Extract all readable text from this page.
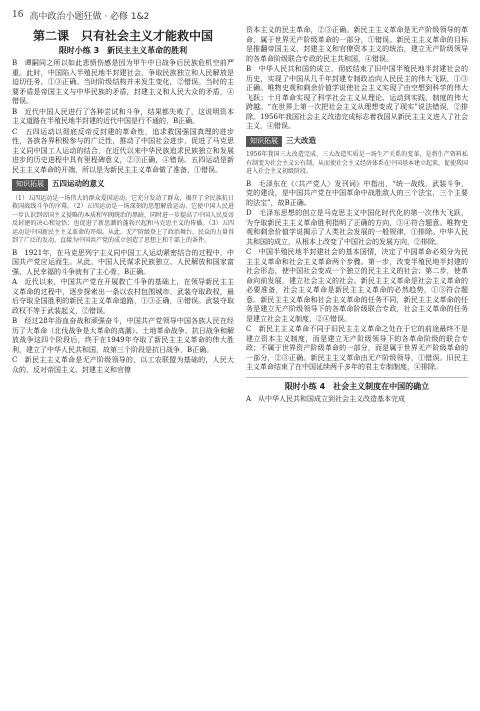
16 高中政治小题狂做 · 必修 1&2
第二课　只有社会主义才能救中国
限时小练 3　新民主主义革命的胜利

B　谭嗣同之所以如此悲愤伤感是因为甲午中日战争后民族危机空前严重。此时，中国陷入半殖民地半封建社会，争取民族独立和人民解放是迫切任务，①③正确。当时阶级结构并未发生变化，②错误。当时的主要矛盾是帝国主义与中华民族的矛盾，封建主义和人民大众的矛盾，④错误。

B　近代中国人民进行了各种尝试和斗争，结果都失败了，这说明资本主义道路在半殖民地半封建的近代中国是行不通的，B正确。

C　五四运动以彻底反帝反封建的革命性，追求救国强国真理的进步性，各族各界积极参与的广泛性，推动了中国社会进步，促进了马克思主义同中国工人运动的结合，在近代以来中华民族追求民族独立和发展进步的历史进程中具有里程碑意义，②③正确，④错误。五四运动是新民主主义革命的开端，所以是为新民主主义革命做了准备，①错误。

知识拓展 五四运动的意义
（1）五四运动是一场伟大的群众爱国运动。它充分发动了群众，揭开了全民族抗日救国战线斗争的序幕。（2）五四运动是一场深刻的思想解放运动。它使中国人民进一步认识到帝国主义侵略的本质和军阀统治的黑暗，同时进一步提高了中国人民反帝反封建的决心和觉悟；也促进了新思潮的蓬勃兴起和马克思主义的传播。（3）五四运动是中国新民主主义革命的开端。从此，无产阶级登上了政治舞台，民众的力量得到了广泛的发动，直接为中国共产党的成立创造了思想上和干部上的条件。

B　1921年，在马克思列宁主义同中国工人运动紧密结合的过程中，中国共产党应运而生。从此，中国人民谋求民族独立、人民解放和国家富强、人民幸福的斗争就有了主心骨，B正确。

A　近代以来，中国共产党在开展救亡斗争的基础上，在领导新民主主义革命的过程中，逐步探索出一条以农村包围城市、武装夺取政权，最后夺取全国胜利的新民主主义革命道路，①③正确，④错误。武装夺取政权不等于武装起义，②错误。

B　经过28年浴血奋战和顽强奋斗，中国共产党领导中国各族人民在经历了大革命（北伐战争是大革命的高潮）、土地革命战争、抗日战争和解放战争这四个阶段后，终于在1949年夺取了新民主主义革命的伟大胜利，建立了中华人民共和国，故第三个阶段是抗日战争，B正确。

C　新民主主义革命是无产阶级领导的，以工农联盟为基础的，人民大众的，反对帝国主义、封建主义和官僚

资本主义的民主革命，②③正确。新民主主义革命是无产阶级领导的革命，属于世界无产阶级革命的一部分，①错误。新民主主义革命的目标是推翻帝国主义、封建主义和官僚资本主义的统治，建立无产阶级领导的各革命阶级联合专政的民主共和国，④错误。

B　中华人民共和国的成立，彻底结束了旧中国半殖民地半封建社会的历史，实现了中国从几千年封建专制政治向人民民主的伟大飞跃，①③正确。唯物史观和剩余价值学说使社会主义实现了由空想到科学的伟大飞跃；十月革命实现了科学社会主义从理论、运动到实践、制度的伟大跨越。“在世界上第一次把社会主义从理想变成了现实”说法错误，②排除。1956年我国社会主义改造完成标志着我国从新民主主义进入了社会主义，④错误。

知识拓展 三大改造
1956年我国三大改造完成，三大改造实质是一场生产关系的变革，是将生产资料私有制变为社会主义公有制，从而使社会主义经济体系在中国基本建立起来，促使我国进入社会主义初级阶段。

B　毛泽东在《〈共产党人〉发刊词》中指出，“统一战线，武装斗争，党的建设，是中国共产党在中国革命中战胜敌人的三个法宝，三个主要的法宝”，故B正确。

D　毛泽东思想的创立是马克思主义中国化时代化的第一次伟大飞跃，为夺取新民主主义革命胜利指明了正确的方向，③④符合题意。唯物史观和剩余价值学说揭示了人类社会发展的一般规律，①排除。中华人民共和国的成立，从根本上改变了中国社会的发展方向，②排除。

C　中国半殖民地半封建社会的基本国情，决定了中国革命必须分为民主主义革命和社会主义革命两个步骤。第一步，改变半殖民地半封建的社会形态，使中国社会变成一个独立的民主主义的社会；第二步，使革命向前发展，建立社会主义的社会。新民主主义革命是社会主义革命的必要准备，社会主义革命是新民主主义革命的必然趋势，①③符合题意。新民主主义革命和社会主义革命的任务不同，新民主主义革命的任务是建立无产阶级领导下的各革命阶级联合专政，社会主义革命的任务是建立社会主义制度，②④错误。

C　新民主主义革命不同于旧民主主义革命之处在于它的前途最终不是建立资本主义制度，而是建立无产阶级领导下的各革命阶级的联合专政；不属于世界资产阶级革命的一部分，而是属于世界无产阶级革命的一部分，②③正确。新民主主义革命由无产阶级领导，①错误。旧民主主义革命结束了在中国延续两千多年的君主专制制度，④排除。

限时小练 4　社会主义制度在中国的确立

A　从中华人民共和国成立到社会主义改造基本完成
